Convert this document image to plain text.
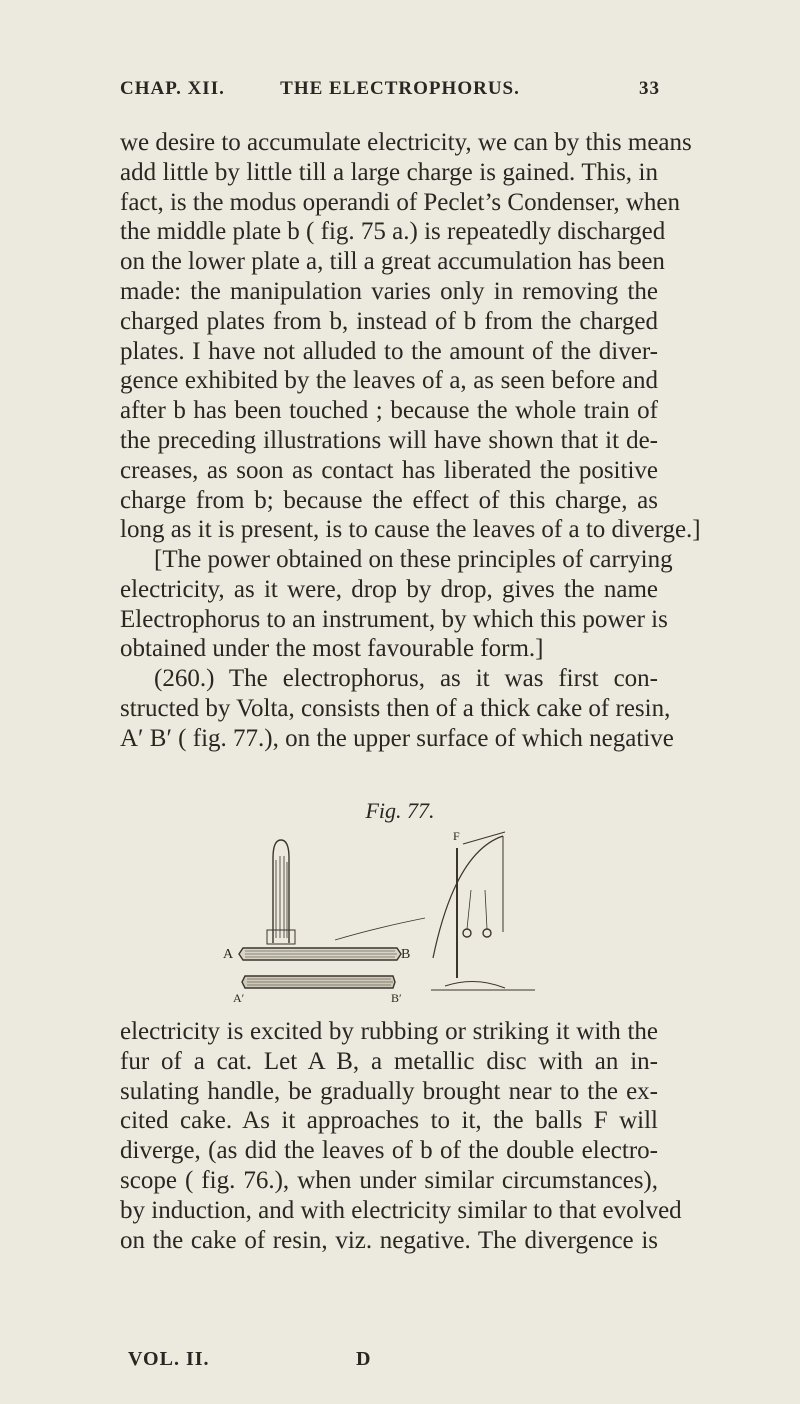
CHAP. XII.	THE ELECTROPHORUS.	33
we desire to accumulate electricity, we can by this means
add little by little till a large charge is gained. This, in
fact, is the modus operandi of Peclet’s Condenser, when
the middle plate b ( fig. 75 a.) is repeatedly discharged
on the lower plate a, till a great accumulation has been
made: the manipulation varies only in removing the
charged plates from b, instead of b from the charged
plates. I have not alluded to the amount of the diver-
gence exhibited by the leaves of a, as seen before and
after b has been touched ; because the whole train of
the preceding illustrations will have shown that it de-
creases, as soon as contact has liberated the positive
charge from b; because the effect of this charge, as
long as it is present, is to cause the leaves of a to diverge.]
[The power obtained on these principles of carrying
electricity, as it were, drop by drop, gives the name
Electrophorus to an instrument, by which this power is
obtained under the most favourable form.]
(260.) The electrophorus, as it was first con-
structed by Volta, consists then of a thick cake of resin,
A′ B′ ( fig. 77.), on the upper surface of which negative
Fig. 77.
F
A	B
A′	B′
electricity is excited by rubbing or striking it with the
fur of a cat. Let A B, a metallic disc with an in-
sulating handle, be gradually brought near to the ex-
cited cake. As it approaches to it, the balls F will
diverge, (as did the leaves of b of the double electro-
scope ( fig. 76.), when under similar circumstances),
by induction, and with electricity similar to that evolved
on the cake of resin, viz. negative. The divergence is
VOL. II.	D
